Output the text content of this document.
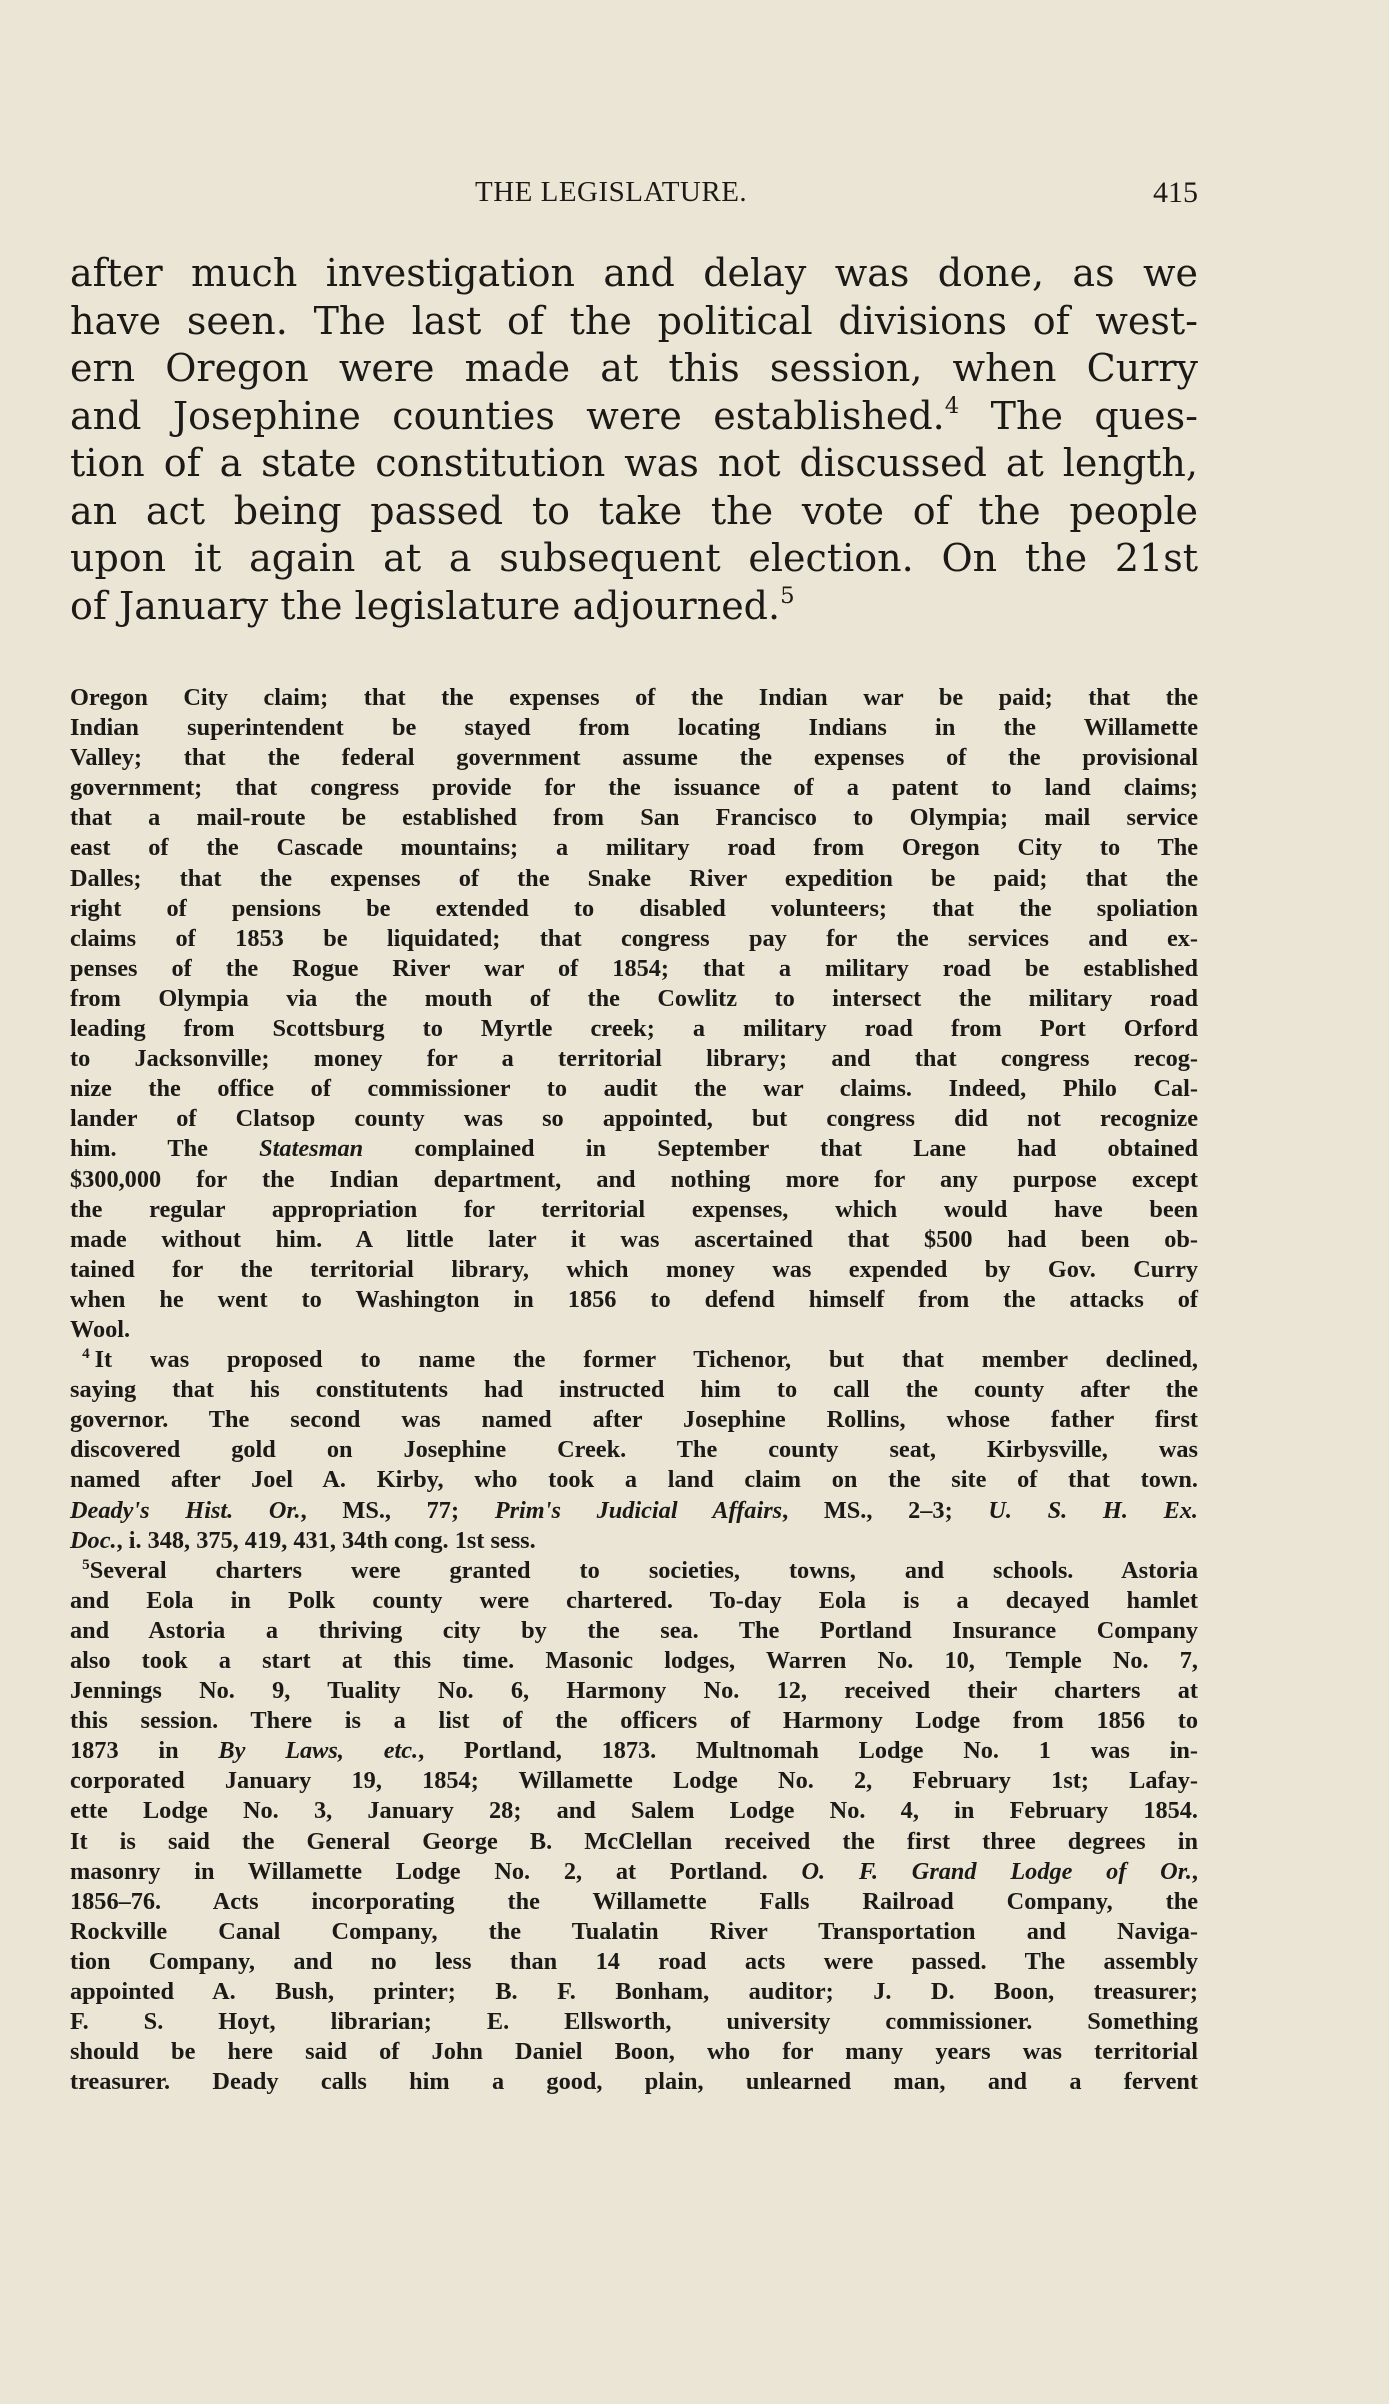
THE LEGISLATURE.	415
after much investigation and delay was done, as we
have seen. The last of the political divisions of west-
ern Oregon were made at this session, when Curry
and Josephine counties were established.$^4$ The ques-
tion of a state constitution was not discussed at length,
an act being passed to take the vote of the people
upon it again at a subsequent election. On the 21st
of January the legislature adjourned.$^5$
Oregon City claim; that the expenses of the Indian war be paid; that the
Indian superintendent be stayed from locating Indians in the Willamette
Valley; that the federal government assume the expenses of the provisional
government; that congress provide for the issuance of a patent to land claims;
that a mail-route be established from San Francisco to Olympia; mail service
east of the Cascade mountains; a military road from Oregon City to The
Dalles; that the expenses of the Snake River expedition be paid; that the
right of pensions be extended to disabled volunteers; that the spoliation
claims of 1853 be liquidated; that congress pay for the services and ex-
penses of the Rogue River war of 1854; that a military road be established
from Olympia via the mouth of the Cowlitz to intersect the military road
leading from Scottsburg to Myrtle creek; a military road from Port Orford
to Jacksonville; money for a territorial library; and that congress recog-
nize the office of commissioner to audit the war claims. Indeed, Philo Cal-
lander of Clatsop county was so appointed, but congress did not recognize
him. The Statesman complained in September that Lane had obtained
$300,000 for the Indian department, and nothing more for any purpose except
the regular appropriation for territorial expenses, which would have been
made without him. A little later it was ascertained that $500 had been ob-
tained for the territorial library, which money was expended by Gov. Curry
when he went to Washington in 1856 to defend himself from the attacks of
Wool.
 $^4$  It was proposed to name the former Tichenor, but that member declined,
saying that his constitutents had instructed him to call the county after the
governor. The second was named after Josephine Rollins, whose father first
discovered gold on Josephine Creek. The county seat, Kirbysville, was
named after Joel A. Kirby, who took a land claim on the site of that town.
Deady's Hist. Or., MS., 77; Prim's Judicial Affairs, MS., 2–3; U. S. H. Ex.
Doc., i. 348, 375, 419, 431, 34th cong. 1st sess.
 $^5$Several charters were granted to societies, towns, and schools. Astoria
and Eola in Polk county were chartered. To-day Eola is a decayed hamlet
and Astoria a thriving city by the sea. The Portland Insurance Company
also took a start at this time. Masonic lodges, Warren No. 10, Temple No. 7,
Jennings No. 9, Tuality No. 6, Harmony No. 12, received their charters at
this session. There is a list of the officers of Harmony Lodge from 1856 to
1873 in By Laws, etc., Portland, 1873. Multnomah Lodge No. 1 was in-
corporated January 19, 1854; Willamette Lodge No. 2, February 1st; Lafay-
ette Lodge No. 3, January 28; and Salem Lodge No. 4, in February 1854.
It is said the General George B. McClellan received the first three degrees in
masonry in Willamette Lodge No. 2, at Portland. O. F. Grand Lodge of Or.,
1856–76. Acts incorporating the Willamette Falls Railroad Company, the
Rockville Canal Company, the Tualatin River Transportation and Naviga-
tion Company, and no less than 14 road acts were passed. The assembly
appointed A. Bush, printer; B. F. Bonham, auditor; J. D. Boon, treasurer;
F. S. Hoyt, librarian; E. Ellsworth, university commissioner. Something
should be here said of John Daniel Boon, who for many years was territorial
treasurer. Deady calls him a good, plain, unlearned man, and a fervent
